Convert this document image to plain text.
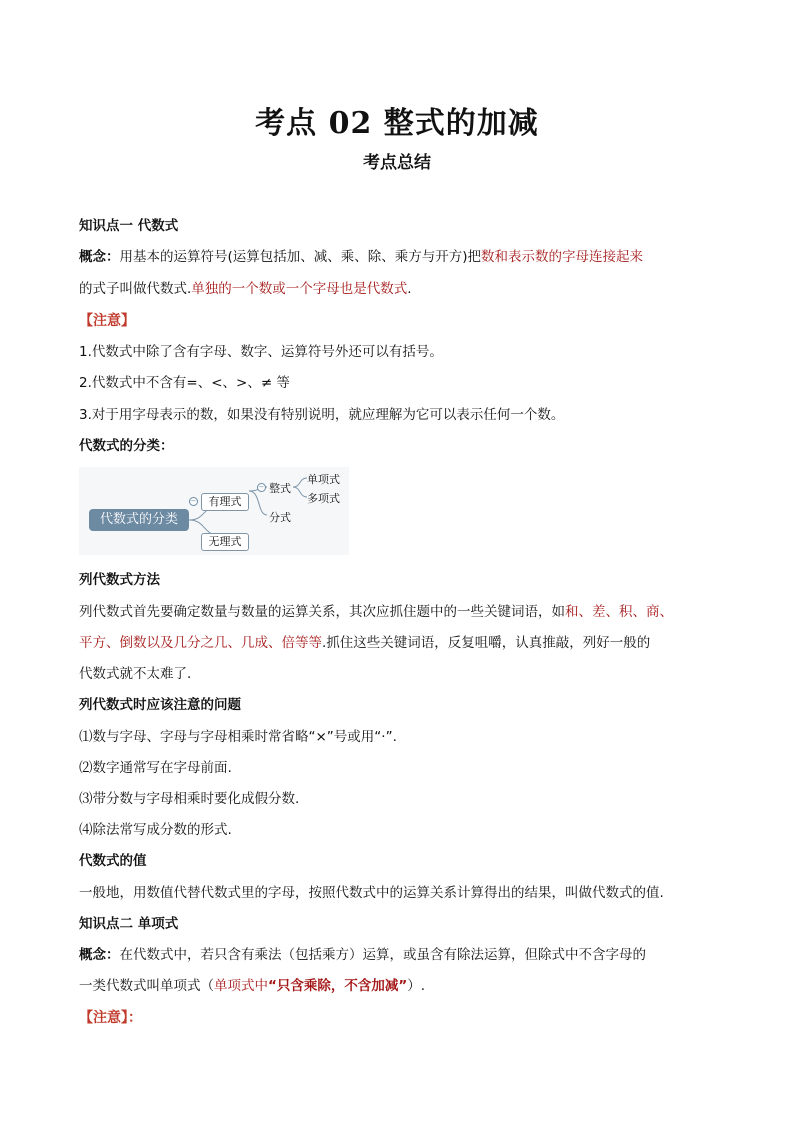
考点 02 整式的加减
考点总结
知识点一 代数式
概念：用基本的运算符号(运算包括加、减、乘、除、乘方与开方)把数和表示数的字母连接起来
的式子叫做代数式.单独的一个数或一个字母也是代数式.
【注意】
1.代数式中除了含有字母、数字、运算符号外还可以有括号。
2.代数式中不含有=、<、>、≠ 等
3.对于用字母表示的数，如果没有特别说明，就应理解为它可以表示任何一个数。
代数式的分类：
代数式的分类
−	有理式
无理式
− 整式
分式
单项式
多项式
列代数式方法
列代数式首先要确定数量与数量的运算关系，其次应抓住题中的一些关键词语，如和、差、积、商、
平方、倒数以及几分之几、几成、倍等等.抓住这些关键词语，反复咀嚼，认真推敲，列好一般的
代数式就不太难了.
列代数式时应该注意的问题
⑴数与字母、字母与字母相乘时常省略“×”号或用“·”.
⑵数字通常写在字母前面.
⑶带分数与字母相乘时要化成假分数.
⑷除法常写成分数的形式.
代数式的值
一般地，用数值代替代数式里的字母，按照代数式中的运算关系计算得出的结果，叫做代数式的值.
知识点二 单项式
概念：在代数式中，若只含有乘法（包括乘方）运算，或虽含有除法运算，但除式中不含字母的
一类代数式叫单项式（单项式中“只含乘除，不含加减”）.
【注意】：
